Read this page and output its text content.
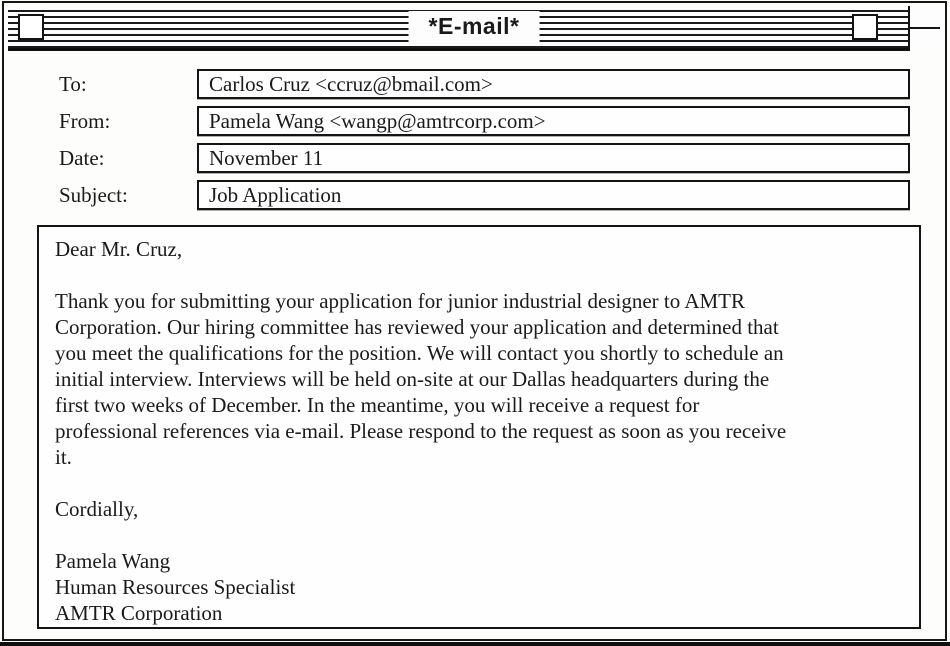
*E-mail*
To:	Carlos Cruz <ccruz@bmail.com>
From:	Pamela Wang <wangp@amtrcorp.com>
Date:	November 11
Subject:	Job Application
Dear Mr. Cruz,
Thank you for submitting your application for junior industrial designer to AMTR
Corporation. Our hiring committee has reviewed your application and determined that
you meet the qualifications for the position. We will contact you shortly to schedule an
initial interview. Interviews will be held on-site at our Dallas headquarters during the
first two weeks of December. In the meantime, you will receive a request for
professional references via e-mail. Please respond to the request as soon as you receive
it.
Cordially,
Pamela Wang
Human Resources Specialist
AMTR Corporation
